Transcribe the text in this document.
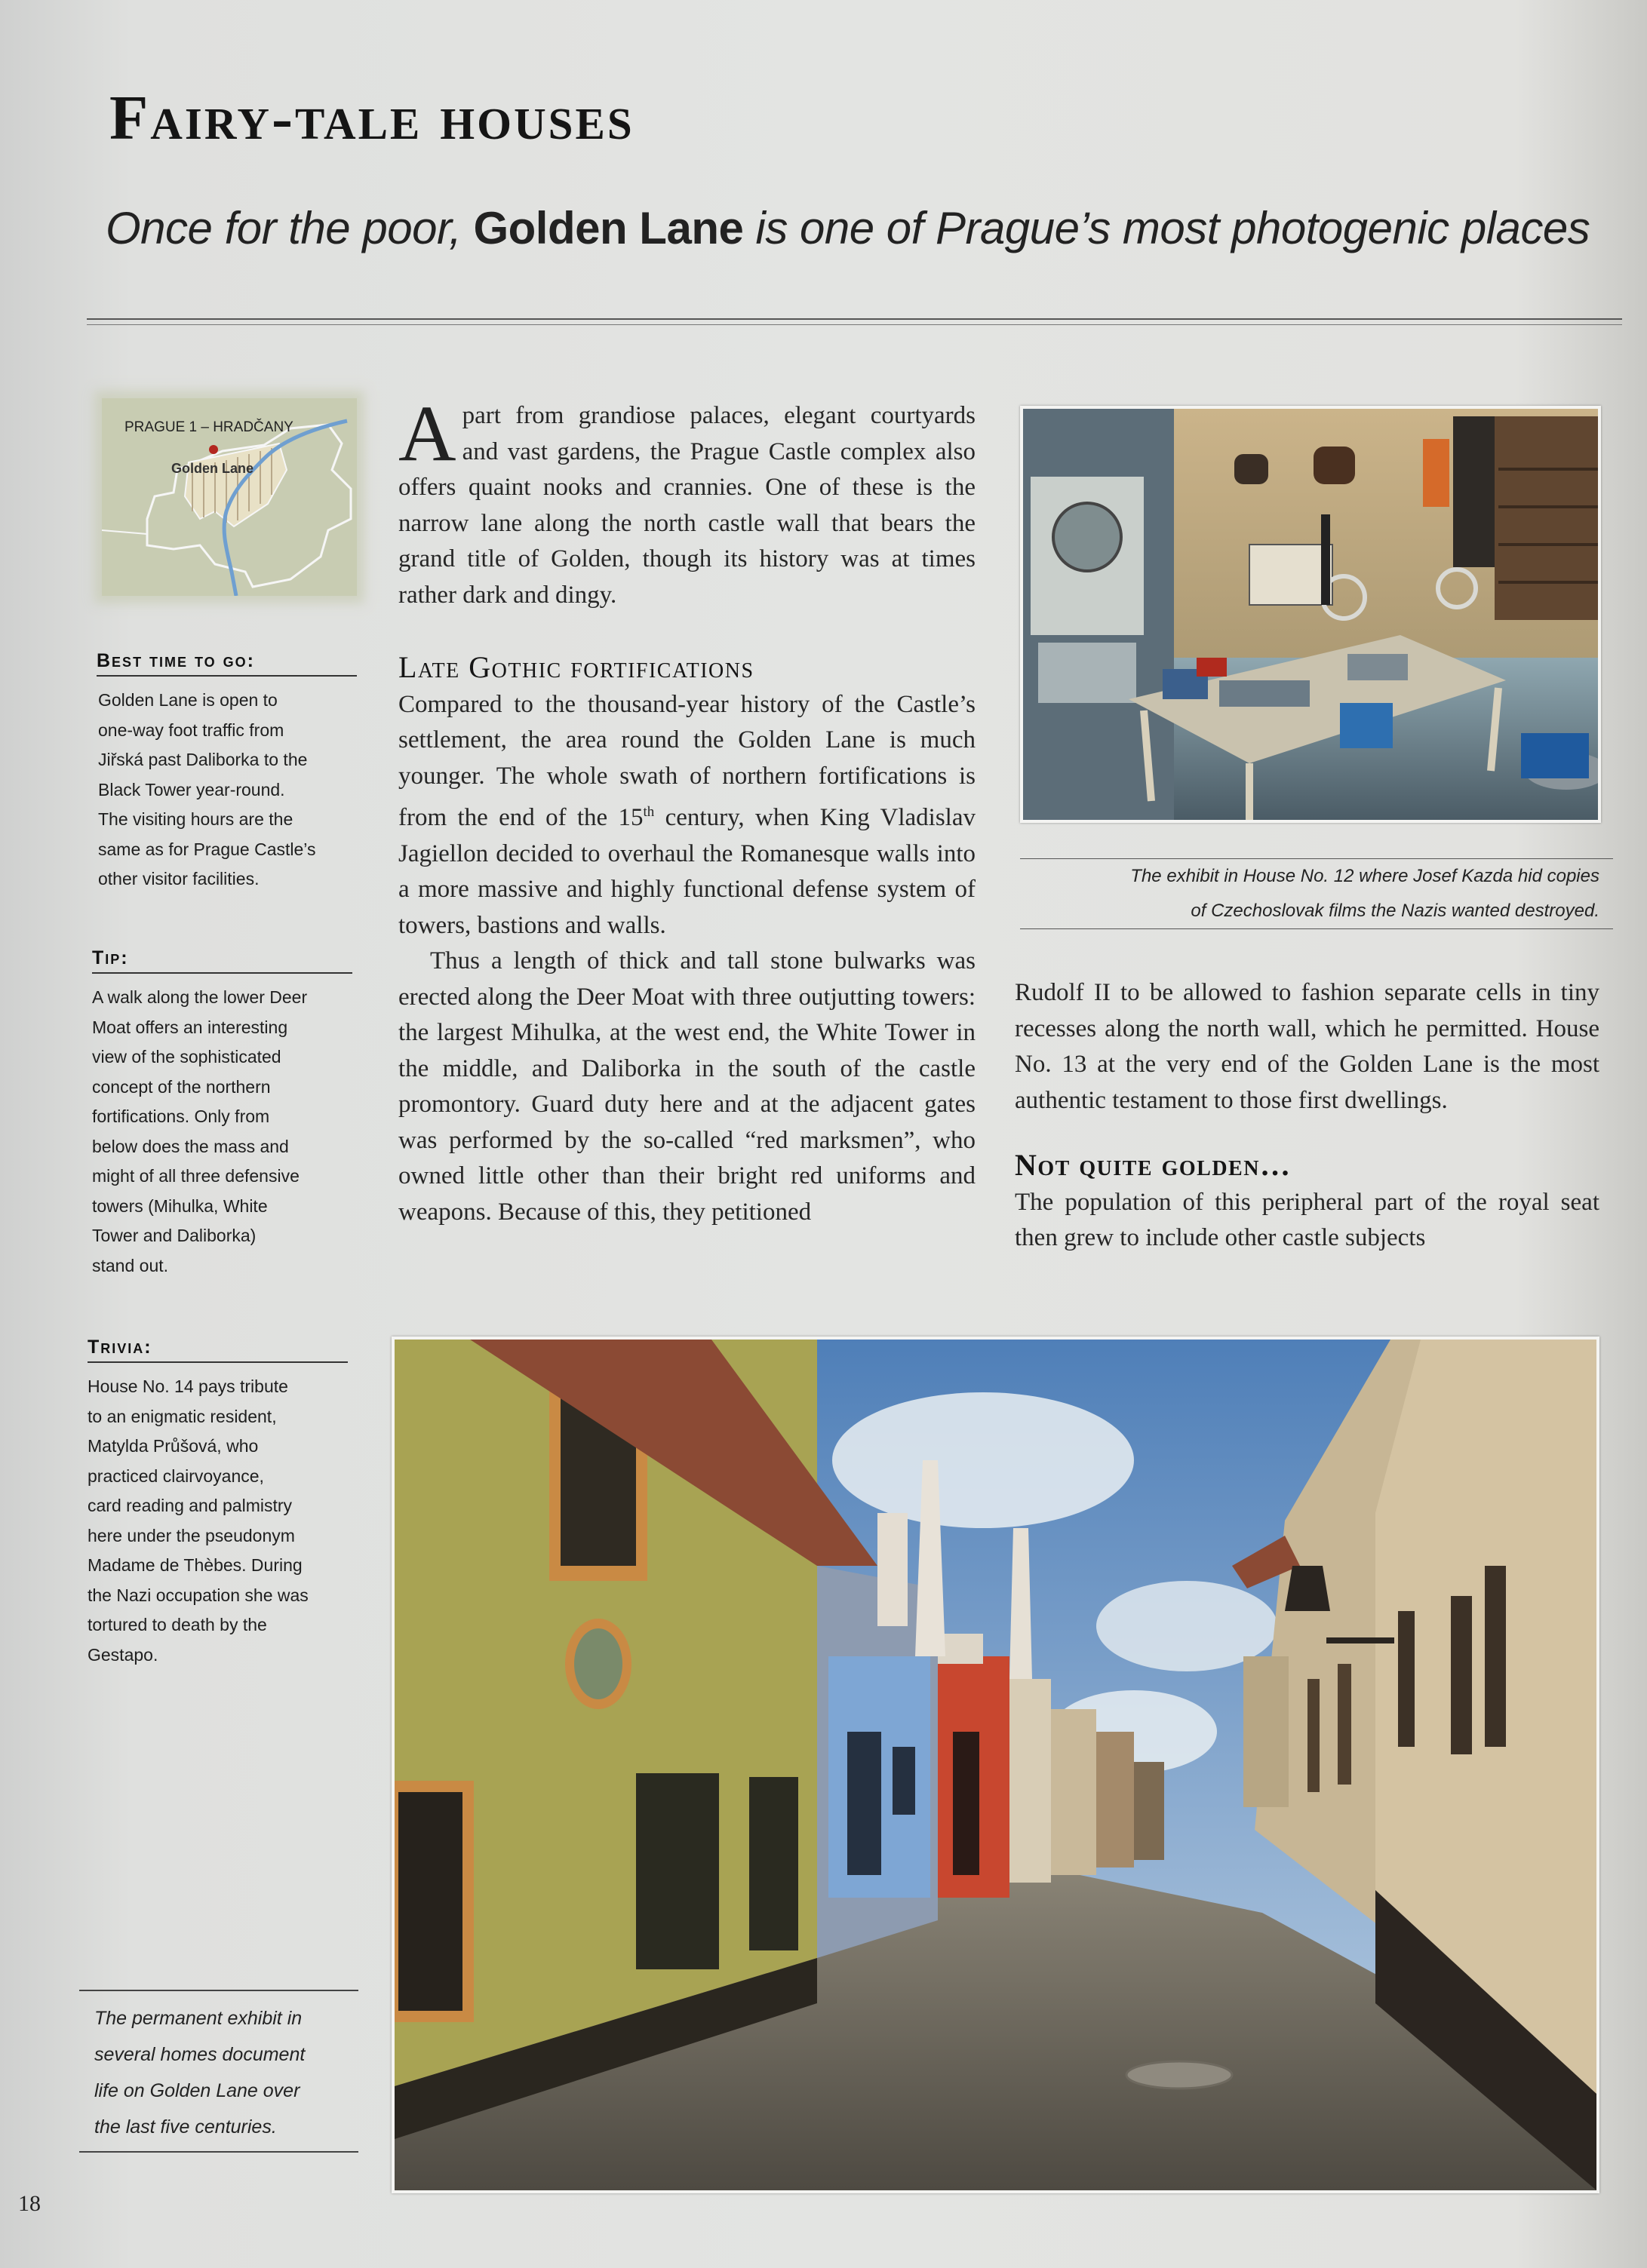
Fairy-tale houses
Once for the poor, Golden Lane is one of Prague’s most photogenic places
PRAGUE 1 – HRADČANY
Golden Lane
Best time to go:
Golden Lane is open to
one-way foot traffic from
Jiřská past Daliborka to the
Black Tower year-round.
The visiting hours are the
same as for Prague Castle’s
other visitor facilities.
Tip:
A walk along the lower Deer
Moat offers an interesting
view of the sophisticated
concept of the northern
fortifications. Only from
below does the mass and
might of all three defensive
towers (Mihulka, White
Tower and Daliborka)
stand out.
Trivia:
House No. 14 pays tribute
to an enigmatic resident,
Matylda Průšová, who
practiced clairvoyance,
card reading and palmistry
here under the pseudonym
Madame de Thèbes. During
the Nazi occupation she was
tortured to death by the
Gestapo.
The permanent exhibit in
several homes document
life on Golden Lane over
the last five centuries.

Apart from grandiose palaces, elegant courtyards and vast gardens, the Prague Castle complex also offers quaint nooks and crannies. One of these is the narrow lane along the north castle wall that bears the grand title of Golden, though its history was at times rather dark and dingy.

Late Gothic fortifications

Compared to the thousand-year history of the Castle’s settlement, the area round the Golden Lane is much younger. The whole swath of northern fortifications is from the end of the 15th century, when King Vladislav Jagiellon decided to overhaul the Romanesque walls into a more massive and highly functional defense system of towers, bastions and walls.

Thus a length of thick and tall stone bulwarks was erected along the Deer Moat with three outjutting towers: the largest Mihulka, at the west end, the White Tower in the middle, and Daliborka in the south of the castle promontory. Guard duty here and at the adjacent gates was performed by the so-called “red marksmen”, who owned little other than their bright red uniforms and weapons. Because of this, they petitioned

The exhibit in House No. 12 where Josef Kazda hid copies
of Czechoslovak films the Nazis wanted destroyed.

Rudolf II to be allowed to fashion separate cells in tiny recesses along the north wall, which he permitted. House No. 13 at the very end of the Golden Lane is the most authentic testament to those first dwellings.

Not quite golden…

The population of this peripheral part of the royal seat then grew to include other castle subjects

18
